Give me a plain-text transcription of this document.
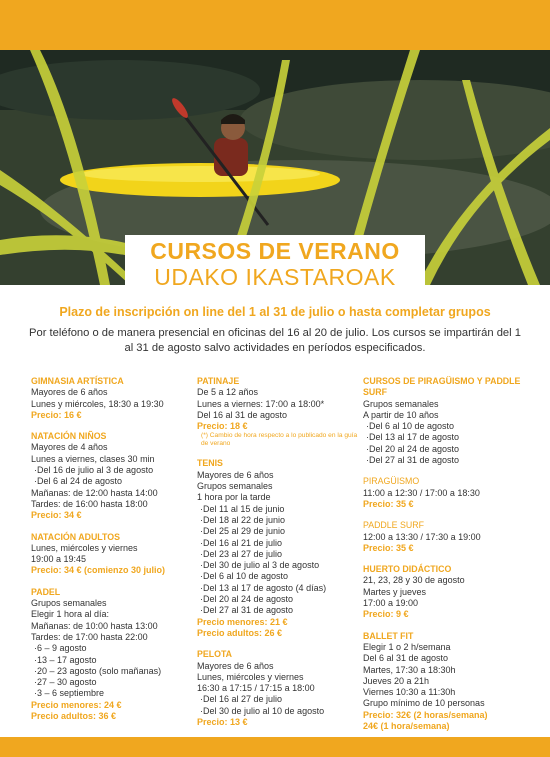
CURSOS DE VERANO
UDAKO IKASTAROAK
Plazo de inscripción on line del 1 al 31 de julio o hasta completar grupos
Por teléfono o de manera presencial en oficinas del 16 al 20 de julio. Los cursos se impartirán del 1 al 31 de agosto salvo actividades en períodos especificados.
GIMNASIA ARTÍSTICA
Mayores de 6 años
Lunes y miércoles, 18:30 a 19:30
Precio: 16 €
NATACIÓN NIÑOS
Mayores de 4 años
Lunes a viernes, clases 30 min
·Del 16 de julio al 3 de agosto
·Del 6 al 24 de agosto
Mañanas: de 12:00 hasta 14:00
Tardes: de 16:00 hasta 18:00
Precio: 34 €
NATACIÓN ADULTOS
Lunes, miércoles y viernes
19:00 a 19:45
Precio: 34 € (comienzo 30 julio)
PADEL
Grupos semanales
Elegir 1 hora al día:
Mañanas: de 10:00 hasta 13:00
Tardes: de 17:00 hasta 22:00
·6 – 9 agosto
·13 – 17 agosto
·20 – 23 agosto (solo mañanas)
·27 – 30 agosto
·3 – 6 septiembre
Precio menores: 24 €
Precio adultos: 36 €
PATINAJE
De 5 a 12 años
Lunes a viernes: 17:00 a 18:00*
Del 16 al 31 de agosto
Precio: 18 €
(*) Cambio de hora respecto a lo publicado en la guía de verano
TENIS
Mayores de 6 años
Grupos semanales
1 hora por la tarde
·Del 11 al 15 de junio
·Del 18 al 22 de junio
·Del 25 al 29 de junio
·Del 16 al 21 de julio
·Del 23 al 27 de julio
·Del 30 de julio al 3 de agosto
·Del 6 al 10 de agosto
·Del 13 al 17 de agosto (4 días)
·Del 20 al 24 de agosto
·Del 27 al 31 de agosto
Precio menores: 21 €
Precio adultos: 26 €
PELOTA
Mayores de 6 años
Lunes, miércoles y viernes
16:30 a 17:15 / 17:15 a 18:00
·Del 16 al 27 de julio
·Del 30 de julio al 10 de agosto
Precio: 13 €
CURSOS DE PIRAGÜISMO Y PADDLE SURF
Grupos semanales
A partir de 10 años
·Del 6 al 10 de agosto
·Del 13 al 17 de agosto
·Del 20 al 24 de agosto
·Del 27 al 31 de agosto
PIRAGÜISMO
11:00 a 12:30 / 17:00 a 18:30
Precio: 35 €
PADDLE SURF
12:00 a 13:30 / 17:30 a 19:00
Precio: 35 €
HUERTO DIDÁCTICO
21, 23, 28 y 30 de agosto
Martes y jueves
17:00 a 19:00
Precio: 9 €
BALLET FIT
Elegir 1 o 2 h/semana
Del 6 al 31 de agosto
Martes, 17:30 a 18:30h
Jueves 20 a 21h
Viernes 10:30 a 11:30h
Grupo mínimo de 10 personas
Precio: 32€ (2 horas/semana)
24€ (1 hora/semana)
